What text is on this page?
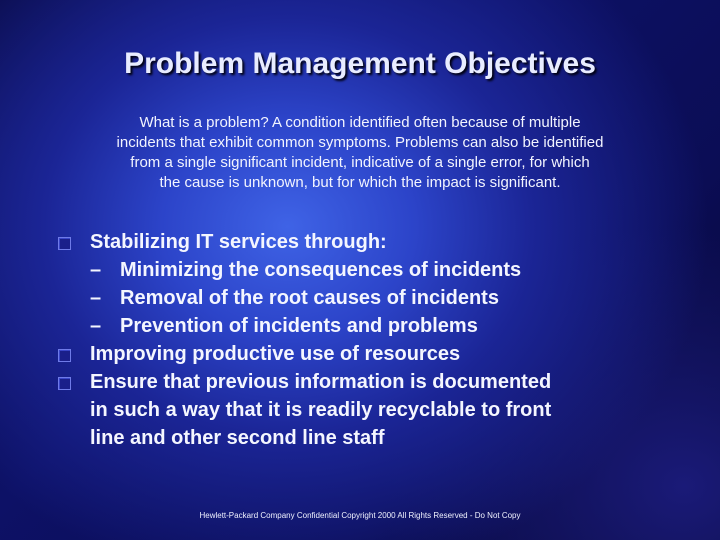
Problem Management Objectives
What is a problem? A condition identified often because of multiple
incidents that exhibit common symptoms. Problems can also be identified
from a single significant incident, indicative of a single error, for which
the cause is unknown, but for which the impact is significant.
Stabilizing IT services through:
– Minimizing the consequences of incidents
– Removal of the root causes of incidents
– Prevention of incidents and problems
Improving productive use of resources
Ensure that previous information is documented
in such a way that it is readily recyclable to front
line and other second line staff
Hewlett-Packard Company Confidential Copyright 2000 All Rights Reserved - Do Not Copy
